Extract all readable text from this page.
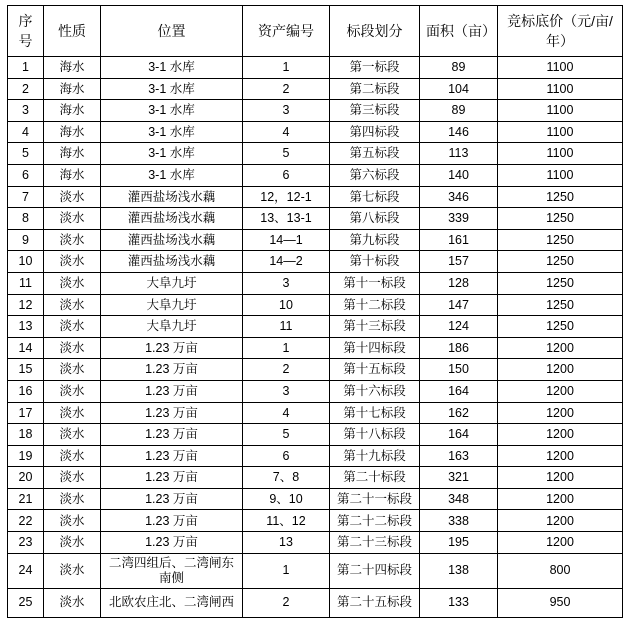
序号	性质	位置	资产编号	标段划分	面积（亩）	竞标底价（元/亩/年）
1	海水	3-1 水库	1	第一标段	89	1100
2	海水	3-1 水库	2	第二标段	104	1100
3	海水	3-1 水库	3	第三标段	89	1100
4	海水	3-1 水库	4	第四标段	146	1100
5	海水	3-1 水库	5	第五标段	113	1100
6	海水	3-1 水库	6	第六标段	140	1100
7	淡水	灌西盐场浅水藕	12，12-1	第七标段	346	1250
8	淡水	灌西盐场浅水藕	13、13-1	第八标段	339	1250
9	淡水	灌西盐场浅水藕	14—1	第九标段	161	1250
10	淡水	灌西盐场浅水藕	14—2	第十标段	157	1250
11	淡水	大阜九圩	3	第十一标段	128	1250
12	淡水	大阜九圩	10	第十二标段	147	1250
13	淡水	大阜九圩	11	第十三标段	124	1250
14	淡水	1.23 万亩	1	第十四标段	186	1200
15	淡水	1.23 万亩	2	第十五标段	150	1200
16	淡水	1.23 万亩	3	第十六标段	164	1200
17	淡水	1.23 万亩	4	第十七标段	162	1200
18	淡水	1.23 万亩	5	第十八标段	164	1200
19	淡水	1.23 万亩	6	第十九标段	163	1200
20	淡水	1.23 万亩	7、8	第二十标段	321	1200
21	淡水	1.23 万亩	9、10	第二十一标段	348	1200
22	淡水	1.23 万亩	11、12	第二十二标段	338	1200
23	淡水	1.23 万亩	13	第二十三标段	195	1200
24	淡水	二湾四组后、二湾闸东南侧	1	第二十四标段	138	800
25	淡水	北欧农庄北、二湾闸西	2	第二十五标段	133	950
